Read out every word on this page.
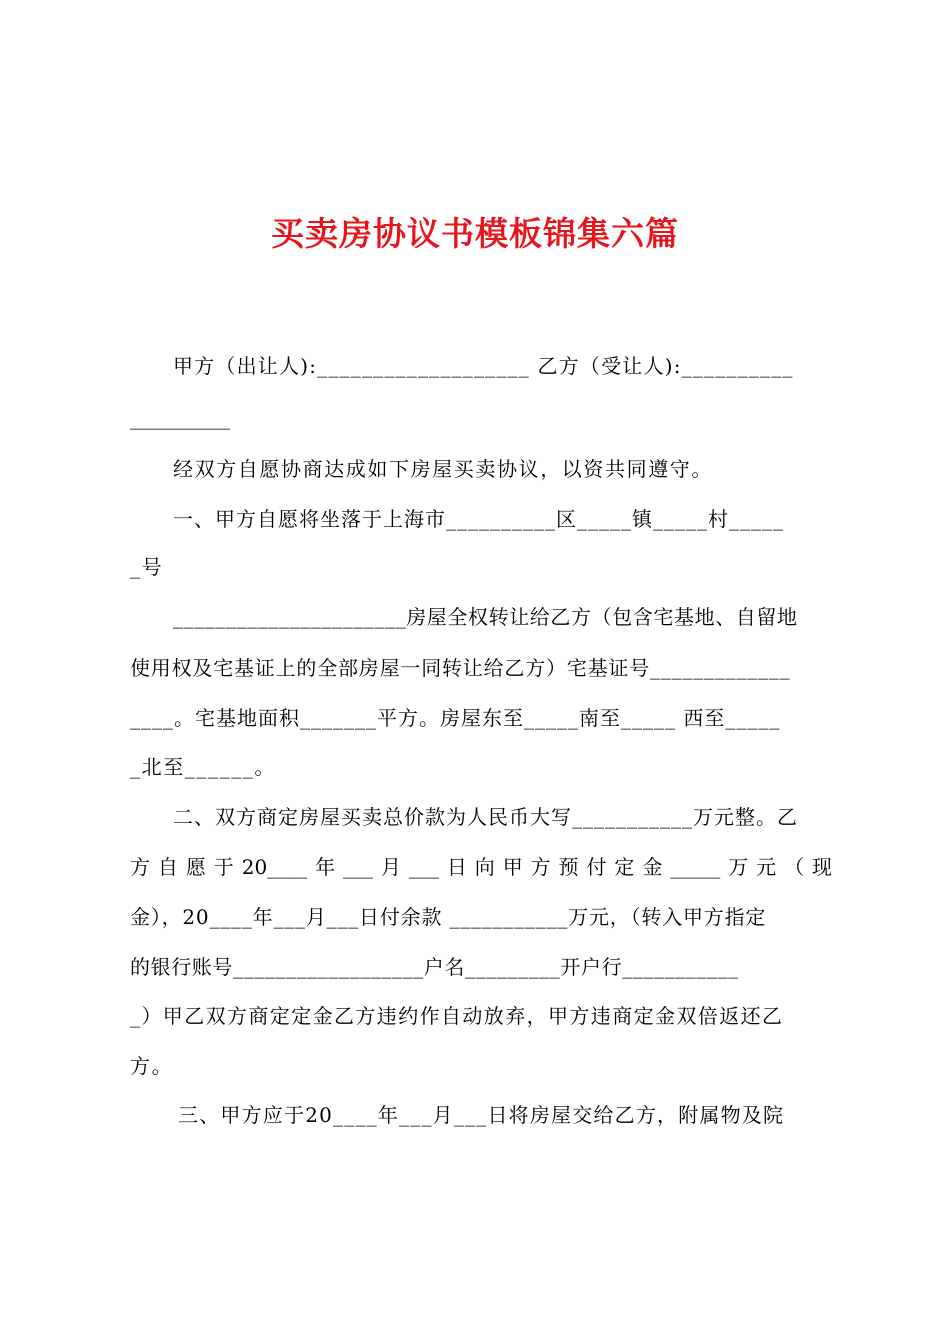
买卖房协议书模板锦集六篇
甲方（出让人):___________________ 乙方（受让人):__________
__________
经双方自愿协商达成如下房屋买卖协议，以资共同遵守。
一、甲方自愿将坐落于上海市__________区_____镇_____村_____
_号
______________________房屋全权转让给乙方（包含宅基地、自留地
使用权及宅基证上的全部房屋一同转让给乙方）宅基证号_____________
____。宅基地面积_______平方。房屋东至_____南至_____ 西至_____
_北至______。
二、双方商定房屋买卖总价款为人民币大写___________万元整。乙
方自愿于20____年___月___日向甲方预付定金_____万元（现
金），20____年___月___日付余款 ___________万元，（转入甲方指定
的银行账号__________________户名_________开户行___________
_）甲乙双方商定定金乙方违约作自动放弃，甲方违商定金双倍返还乙
方。
三、甲方应于20____年___月___日将房屋交给乙方，附属物及院
